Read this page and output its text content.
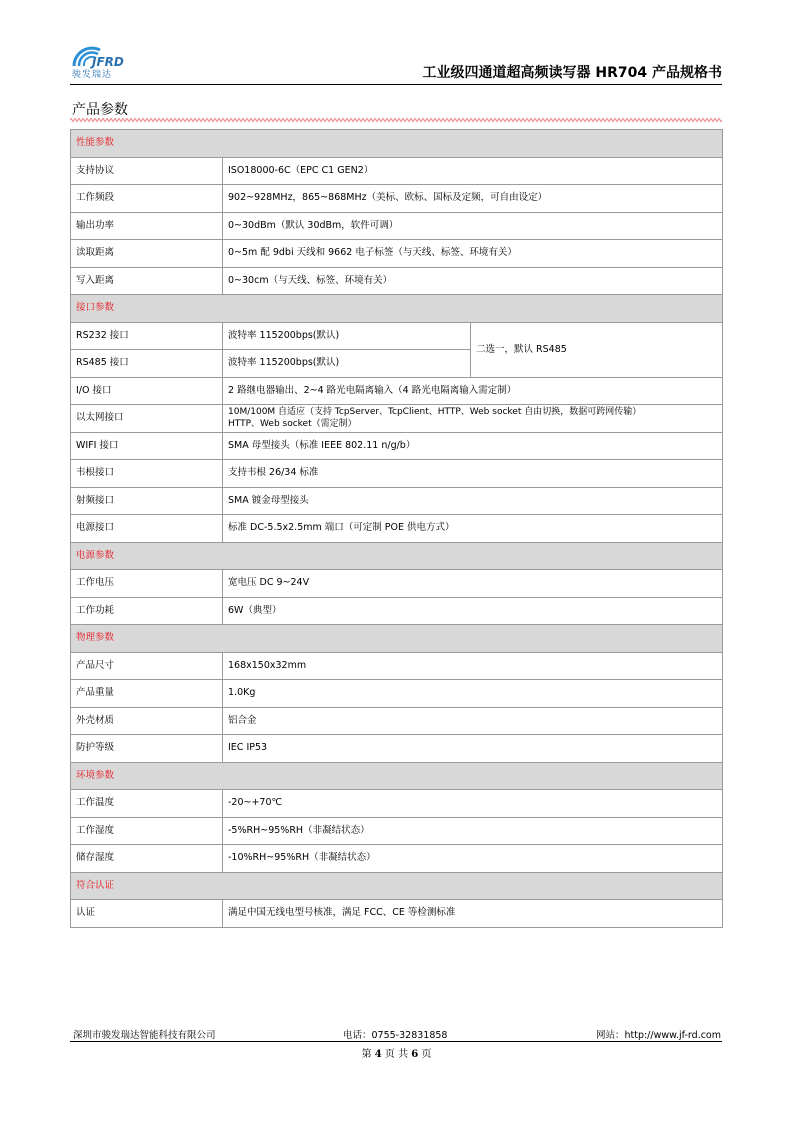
JFRD
骏发瑞达	工业级四通道超高频读写器 HR704 产品规格书
产品参数
性能参数		
支持协议	ISO18000-6C（EPC C1 GEN2）	
工作频段	902~928MHz，865~868MHz（美标、欧标、国标及定频，可自由设定）	
输出功率	0~30dBm（默认 30dBm，软件可调）	
读取距离	0~5m 配 9dbi 天线和 9662 电子标签（与天线、标签、环境有关）	
写入距离	0~30cm（与天线、标签、环境有关）	
接口参数		
RS232 接口	波特率 115200bps(默认)	二选一，默认 RS485
RS485 接口	波特率 115200bps(默认)	
I/O 接口	2 路继电器输出、2~4 路光电隔离输入（4 路光电隔离输入需定制）	
以太网接口	10M/100M 自适应（支持 TcpServer、TcpClient、HTTP、Web socket 自由切换，数据可跨网传输）
HTTP、Web socket（需定制）	

WIFI 接口	SMA 母型接头（标准 IEEE 802.11 n/g/b）	
韦根接口	支持韦根 26/34 标准	
射频接口	SMA 镀金母型接头	
电源接口	标准 DC-5.5x2.5mm 端口（可定制 POE 供电方式）	
电源参数		
工作电压	宽电压 DC 9~24V	
工作功耗	6W（典型）	
物理参数		
产品尺寸	168x150x32mm	
产品重量	1.0Kg	
外壳材质	铝合金	
防护等级	IEC IP53	
环境参数		
工作温度	-20~+70℃	
工作湿度	-5%RH~95%RH（非凝结状态）	
储存湿度	-10%RH~95%RH（非凝结状态）	
符合认证		
认证	满足中国无线电型号核准，满足 FCC、CE 等检测标准	
深圳市骏发瑞达智能科技有限公司	电话：0755-32831858	网站：http://www.jf-rd.com
第 4 页 共 6 页
